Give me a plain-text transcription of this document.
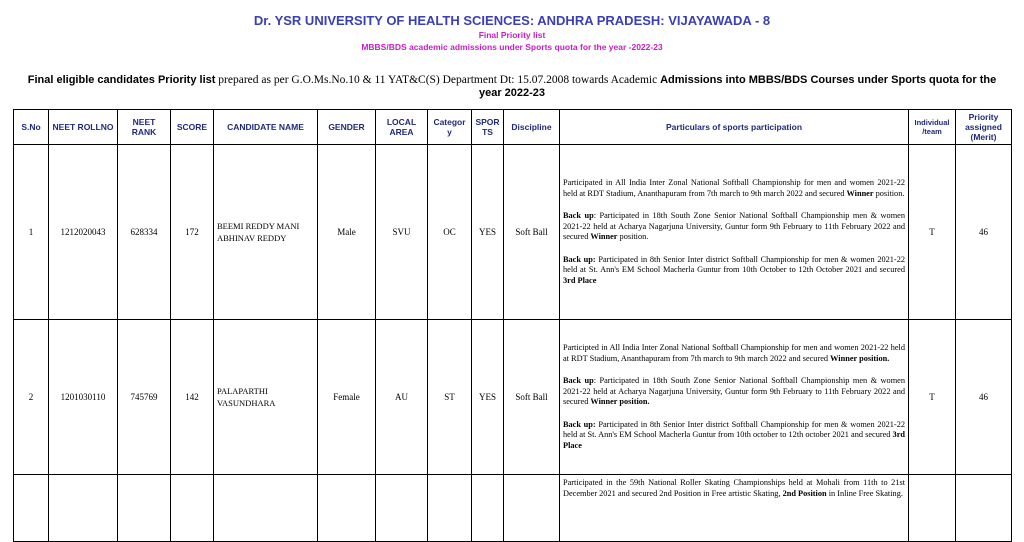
Dr. YSR UNIVERSITY OF HEALTH SCIENCES: ANDHRA PRADESH: VIJAYAWADA - 8
Final Priority list
MBBS/BDS academic admissions under Sports quota for the year -2022-23
Final eligible candidates Priority list prepared as per G.O.Ms.No.10 & 11 YAT&C(S) Department Dt: 15.07.2008 towards Academic Admissions into MBBS/BDS Courses under Sports quota for the year 2022-23
S.No	NEET ROLLNO	NEET RANK	SCORE	CANDIDATE NAME	GENDER	LOCAL AREA	Categor y	SPOR TS	Discipline	Particulars of sports participation	Individual /team	Priority assigned (Merit)
1	1212020043	628334	172	BEEMI REDDY MANI ABHINAV REDDY	Male	SVU	OC	YES	Soft Ball	Participated in All India Inter Zonal National Softball Championship for men and women 2021-22 held at RDT Stadium, Ananthapuram from 7th march to 9th march 2022 and secured Winner position.
Back up: Participated in 18th South Zone Senior National Softball Championship men & women 2021-22 held at Acharya Nagarjuna University, Guntur form 9th February to 11th February 2022 and secured Winner position.
Back up: Participated in 8th Senior Inter district Softball Championship for men & women 2021-22 held at St. Ann's EM School Macherla Guntur from 10th October to 12th October 2021 and secured 3rd Place	T	46
2	1201030110	745769	142	PALAPARTHI VASUNDHARA	Female	AU	ST	YES	Soft Ball	Participted in All India Inter Zonal National Softball Championship for men and women 2021-22 held at RDT Stadium, Ananthapuram from 7th march to 9th march 2022 and secured Winner position.
Back up: Participated in 18th South Zone Senior National Softball Championship men & women 2021-22 held at Acharya Nagarjuna University, Guntur form 9th February to 11th February 2022 and secured Winner position.
Back up: Participated in 8th Senior Inter district Softball Championship for men & women 2021-22 held at St. Ann's EM School Macherla Guntur from 10th october to 12th october 2021 and secured 3rd Place	T	46

										Participated in the 59th National Roller Skating Championships held at Mohali from 11th to 21st December 2021 and secured 2nd Position in Free artistic Skating, 2nd Position in Inline Free Skating.		
